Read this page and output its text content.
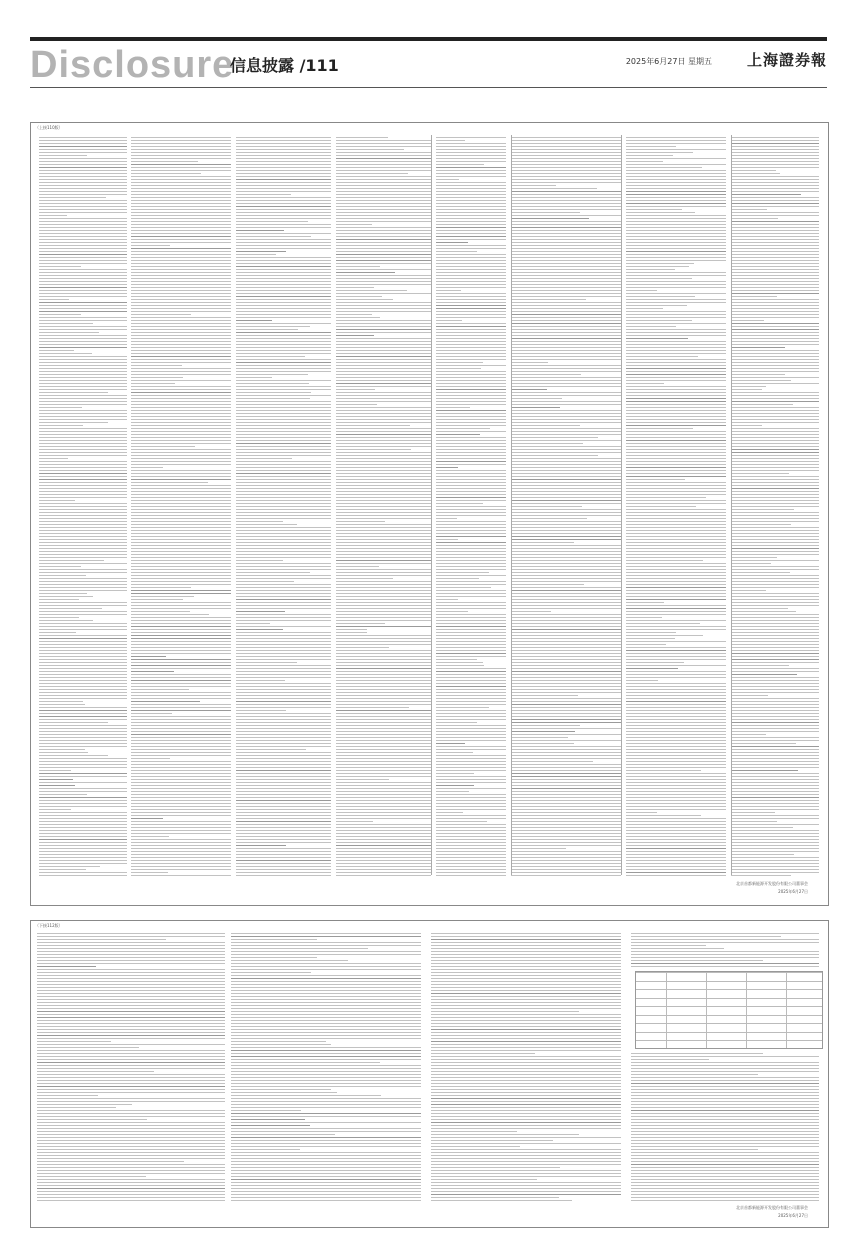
Disclosure
信息披露 /111	2025年6月27日 星期五 上海證券報
（上接110版）
北京首都新能源开发股份有限公司董事会
2025年6月27日
（下接112版）
北京首都新能源开发股份有限公司董事会
2025年6月27日
